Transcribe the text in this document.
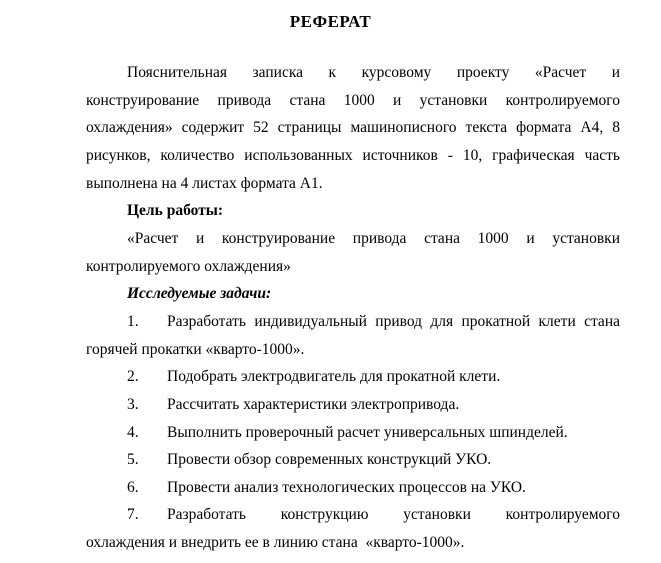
РЕФЕРАТ
Пояснительная записка к курсовому проекту «Расчет и
конструирование привода стана 1000 и установки контролируемого
охлаждения» содержит 52 страницы машинописного текста формата А4, 8
рисунков, количество использованных источников - 10, графическая часть
выполнена на 4 листах формата А1.
Цель работы:
«Расчет и конструирование привода стана 1000 и установки
контролируемого охлаждения»
Исследуемые задачи:
1. Разработать индивидуальный привод для прокатной клети стана
горячей прокатки «кварто-1000».
2. Подобрать электродвигатель для прокатной клети.
3. Рассчитать характеристики электропривода.
4. Выполнить проверочный расчет универсальных шпинделей.
5. Провести обзор современных конструкций УКО.
6. Провести анализ технологических процессов на УКО.
7. Разработать конструкцию установки контролируемого
охлаждения и внедрить ее в линию стана  «кварто-1000».
